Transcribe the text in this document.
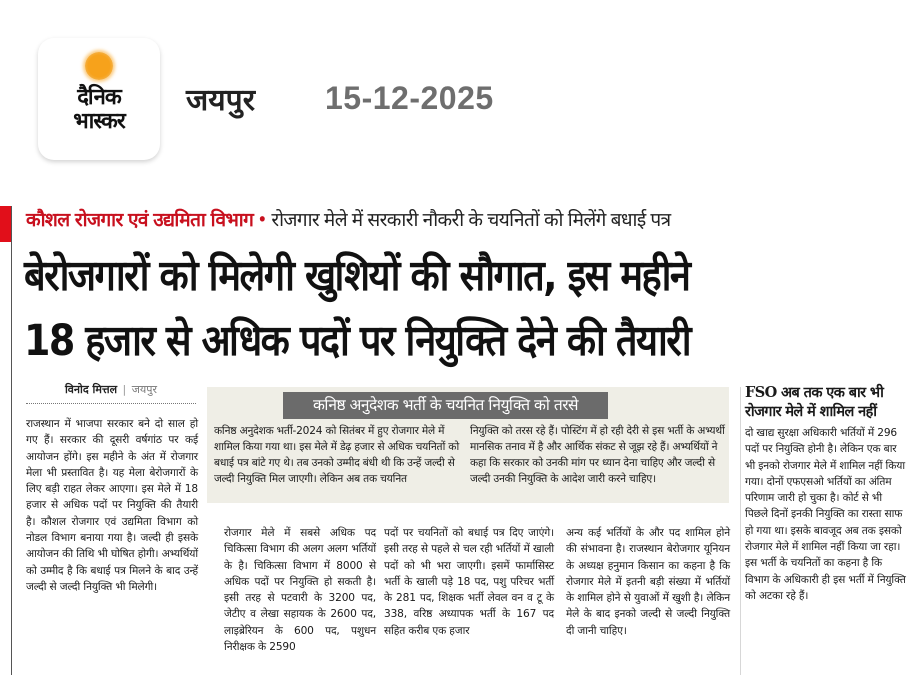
दैनिक
भास्कर
जयपुर 15-12-2025
कौशल रोजगार एवं उद्यमिता विभाग • रोजगार मेले में सरकारी नौकरी के चयनितों को मिलेंगे बधाई पत्र
बेरोजगारों को मिलेगी खुशियों की सौगात, इस महीने
18 हजार से अधिक पदों पर नियुक्ति देने की तैयारी
विनोद मित्तल | जयपुर
राजस्थान में भाजपा सरकार बने दो साल हो गए हैं। सरकार की दूसरी वर्षगांठ पर कई आयोजन होंगे। इस महीने के अंत में रोजगार मेला भी प्रस्तावित है। यह मेला बेरोजगारों के लिए बड़ी राहत लेकर आएगा। इस मेले में 18 हजार से अधिक पदों पर नियुक्ति की तैयारी है। कौशल रोजगार एवं उद्यमिता विभाग को नोडल विभाग बनाया गया है। जल्दी ही इसके आयोजन की तिथि भी घोषित होगी। अभ्यर्थियों को उम्मीद है कि बधाई पत्र मिलने के बाद उन्हें जल्दी से जल्दी नियुक्ति भी मिलेगी।
कनिष्ठ अनुदेशक भर्ती के चयनित नियुक्ति को तरसे
कनिष्ठ अनुदेशक भर्ती-2024 को सितंबर में हुए रोजगार मेले में शामिल किया गया था। इस मेले में डेढ़ हजार से अधिक चयनितों को बधाई पत्र बांटे गए थे। तब उनको उम्मीद बंधी थी कि उन्हें जल्दी से जल्दी नियुक्ति मिल जाएगी। लेकिन अब तक चयनित
नियुक्ति को तरस रहे हैं। पोस्टिंग में हो रही देरी से इस भर्ती के अभ्यर्थी मानसिक तनाव में है और आर्थिक संकट से जूझ रहे हैं। अभ्यर्थियों ने कहा कि सरकार को उनकी मांग पर ध्यान देना चाहिए और जल्दी से जल्दी उनकी नियुक्ति के आदेश जारी करने चाहिए।
रोजगार मेले में सबसे अधिक पद चिकित्सा विभाग की अलग अलग भर्तियों के है। चिकित्सा विभाग में 8000 से अधिक पदों पर नियुक्ति हो सकती है। इसी तरह से पटवारी के 3200 पद, जेटीए व लेखा सहायक के 2600 पद, लाइब्रेरियन के 600 पद, पशुधन निरीक्षक के 2590
पदों पर चयनितों को बधाई पत्र दिए जाएंगे। इसी तरह से पहले से चल रही भर्तियों में खाली पदों को भी भरा जाएगी। इसमें फार्मासिस्ट भर्ती के खाली पड़े 18 पद, पशु परिचर भर्ती के 281 पद, शिक्षक भर्ती लेवल वन व टू के 338, वरिष्ठ अध्यापक भर्ती के 167 पद सहित करीब एक हजार
अन्य कई भर्तियों के और पद शामिल होने की संभावना है। राजस्थान बेरोजगार यूनियन के अध्यक्ष हनुमान किसान का कहना है कि रोजगार मेले में इतनी बड़ी संख्या में भर्तियों के शामिल होने से युवाओं में खुशी है। लेकिन मेले के बाद इनको जल्दी से जल्दी नियुक्ति दी जानी चाहिए।
FSO अब तक एक बार भी रोजगार मेले में शामिल नहीं
दो खाद्य सुरक्षा अधिकारी भर्तियों में 296 पदों पर नियुक्ति होनी है। लेकिन एक बार भी इनको रोजगार मेले में शामिल नहीं किया गया। दोनों एफएसओ भर्तियों का अंतिम परिणाम जारी हो चुका है। कोर्ट से भी पिछले दिनों इनकी नियुक्ति का रास्ता साफ हो गया था। इसके बावजूद अब तक इसको रोजगार मेले में शामिल नहीं किया जा रहा। इस भर्ती के चयनितों का कहना है कि विभाग के अधिकारी ही इस भर्ती में नियुक्ति को अटका रहे हैं।
